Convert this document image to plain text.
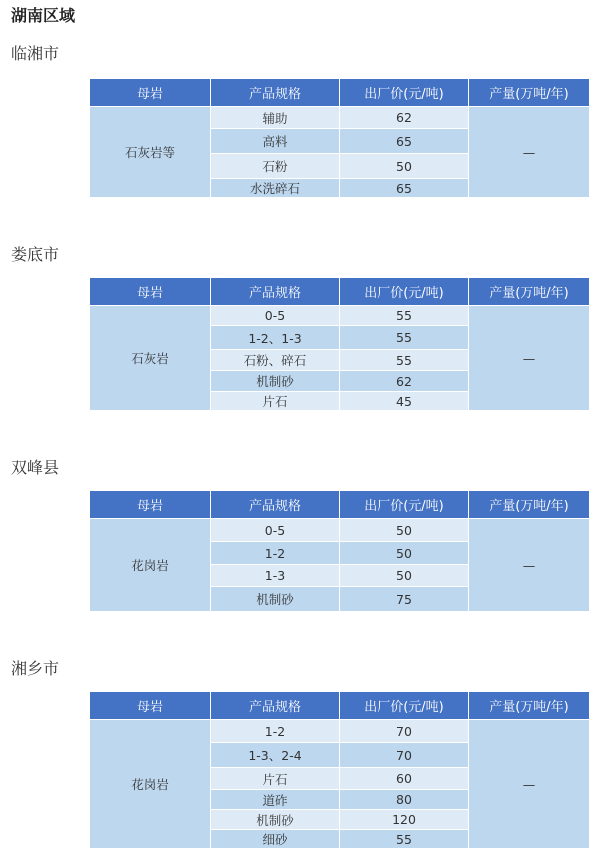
湖南区域
临湘市
母岩	产品规格	出厂价(元/吨)	产量(万吨/年)
石灰岩等	辅助	62	—
	高料	65	
	石粉	50	
	水洗碎石	65	
娄底市
母岩	产品规格	出厂价(元/吨)	产量(万吨/年)
石灰岩	0-5	55	—
	1-2、1-3	55	
	石粉、碎石	55	
	机制砂	62	
	片石	45	
双峰县
母岩	产品规格	出厂价(元/吨)	产量(万吨/年)
花岗岩	0-5	50	—
	1-2	50	
	1-3	50	
	机制砂	75	
湘乡市
母岩	产品规格	出厂价(元/吨)	产量(万吨/年)
花岗岩	1-2	70	—
	1-3、2-4	70	
	片石	60	
	道砟	80	
	机制砂	120	
	细砂	55	
